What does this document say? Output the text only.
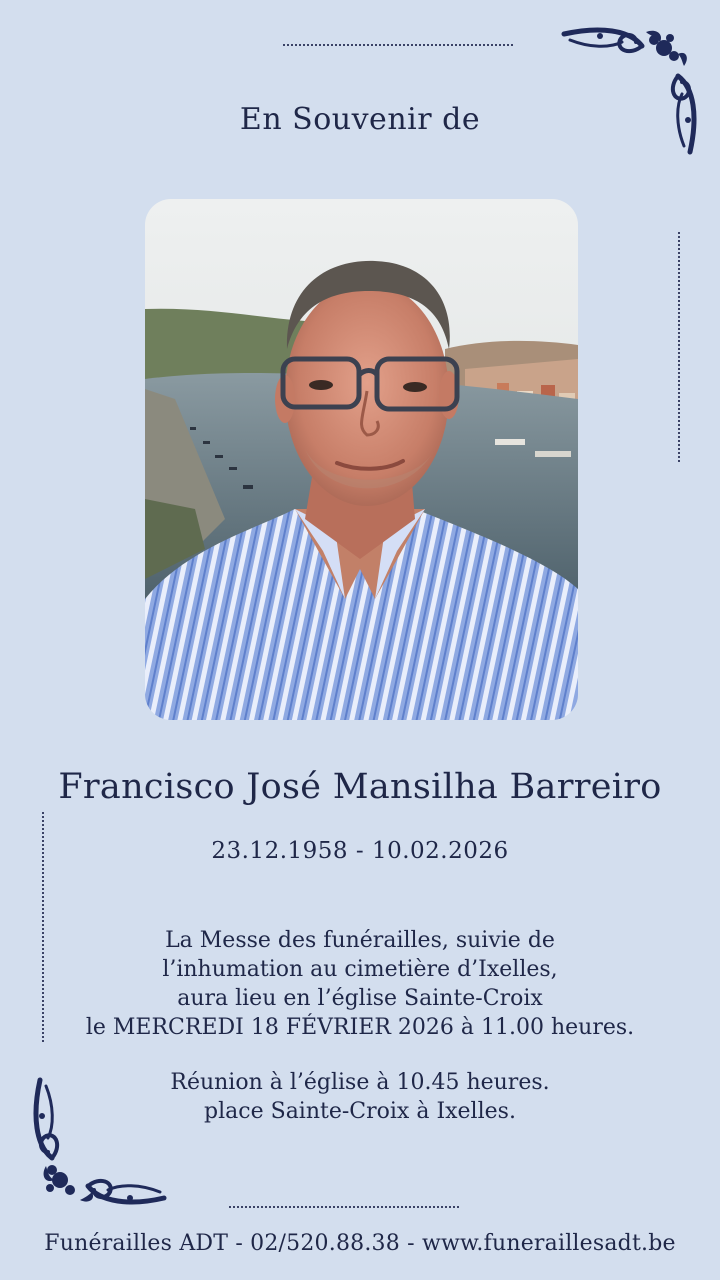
En Souvenir de
Francisco José Mansilha Barreiro
23.12.1958 - 10.02.2026
La Messe des funérailles, suivie de
l’inhumation au cimetière d’Ixelles,
aura lieu en l’église Sainte-Croix
le MERCREDI 18 FÉVRIER 2026 à 11.00 heures.
Réunion à l’église à 10.45 heures.
place Sainte-Croix à Ixelles.
Funérailles ADT - 02/520.88.38 - www.funeraillesadt.be
